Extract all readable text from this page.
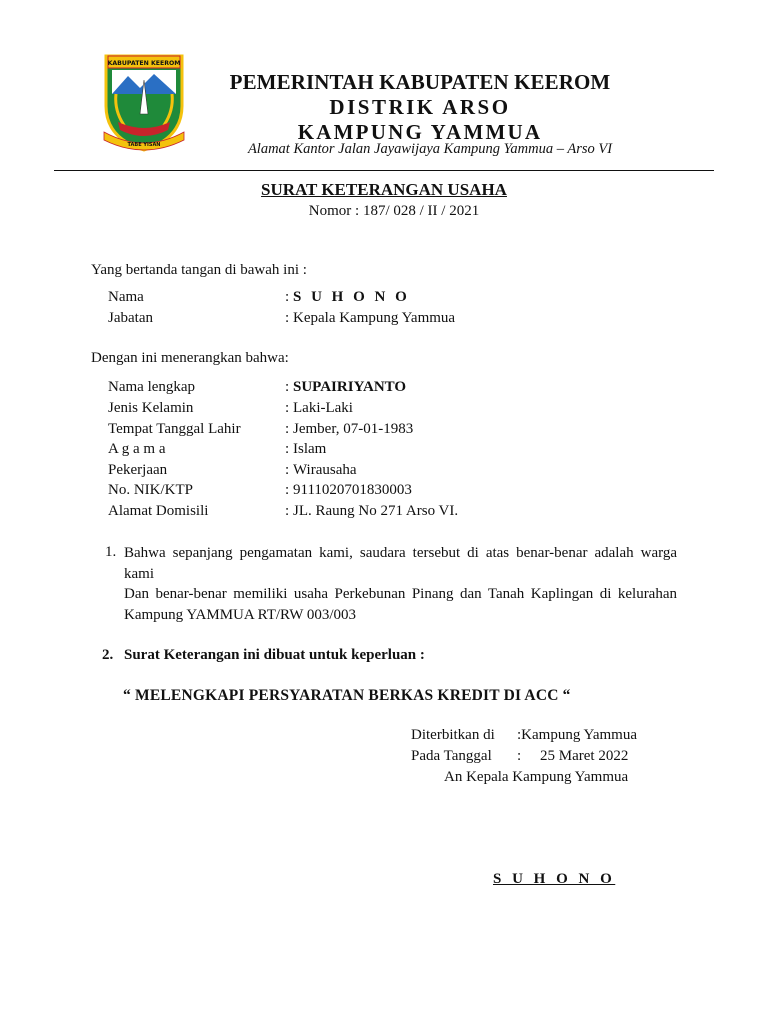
KABUPATEN KEEROM
TABE YISAN
PEMERINTAH KABUPATEN KEEROM
DISTRIK ARSO
KAMPUNG YAMMUA
Alamat Kantor Jalan Jayawijaya Kampung Yammua – Arso VI
SURAT KETERANGAN USAHA
Nomor : 187/ 028 / II / 2021
Yang bertanda tangan di bawah ini :
Nama	: S U H O N O
Jabatan	: Kepala Kampung Yammua
Dengan ini menerangkan bahwa:
Nama lengkap	: SUPAIRIYANTO
Jenis Kelamin	: Laki-Laki
Tempat Tanggal Lahir	: Jember, 07-01-1983
A g a m a	: Islam
Pekerjaan	: Wirausaha
No. NIK/KTP	: 9111020701830003
Alamat Domisili	: JL. Raung No 271 Arso VI.
1. Bahwa sepanjang pengamatan kami, saudara tersebut di atas benar-benar adalah warga kami
Dan benar-benar memiliki usaha Perkebunan Pinang dan Tanah Kaplingan di kelurahan Kampung YAMMUA RT/RW 003/003
2. Surat Keterangan ini dibuat untuk keperluan :
“ MELENGKAPI PERSYARATAN BERKAS KREDIT DI ACC “
Diterbitkan di :Kampung Yammua
Pada Tanggal : 25 Maret 2022

An Kepala Kampung Yammua
S U H O N O
